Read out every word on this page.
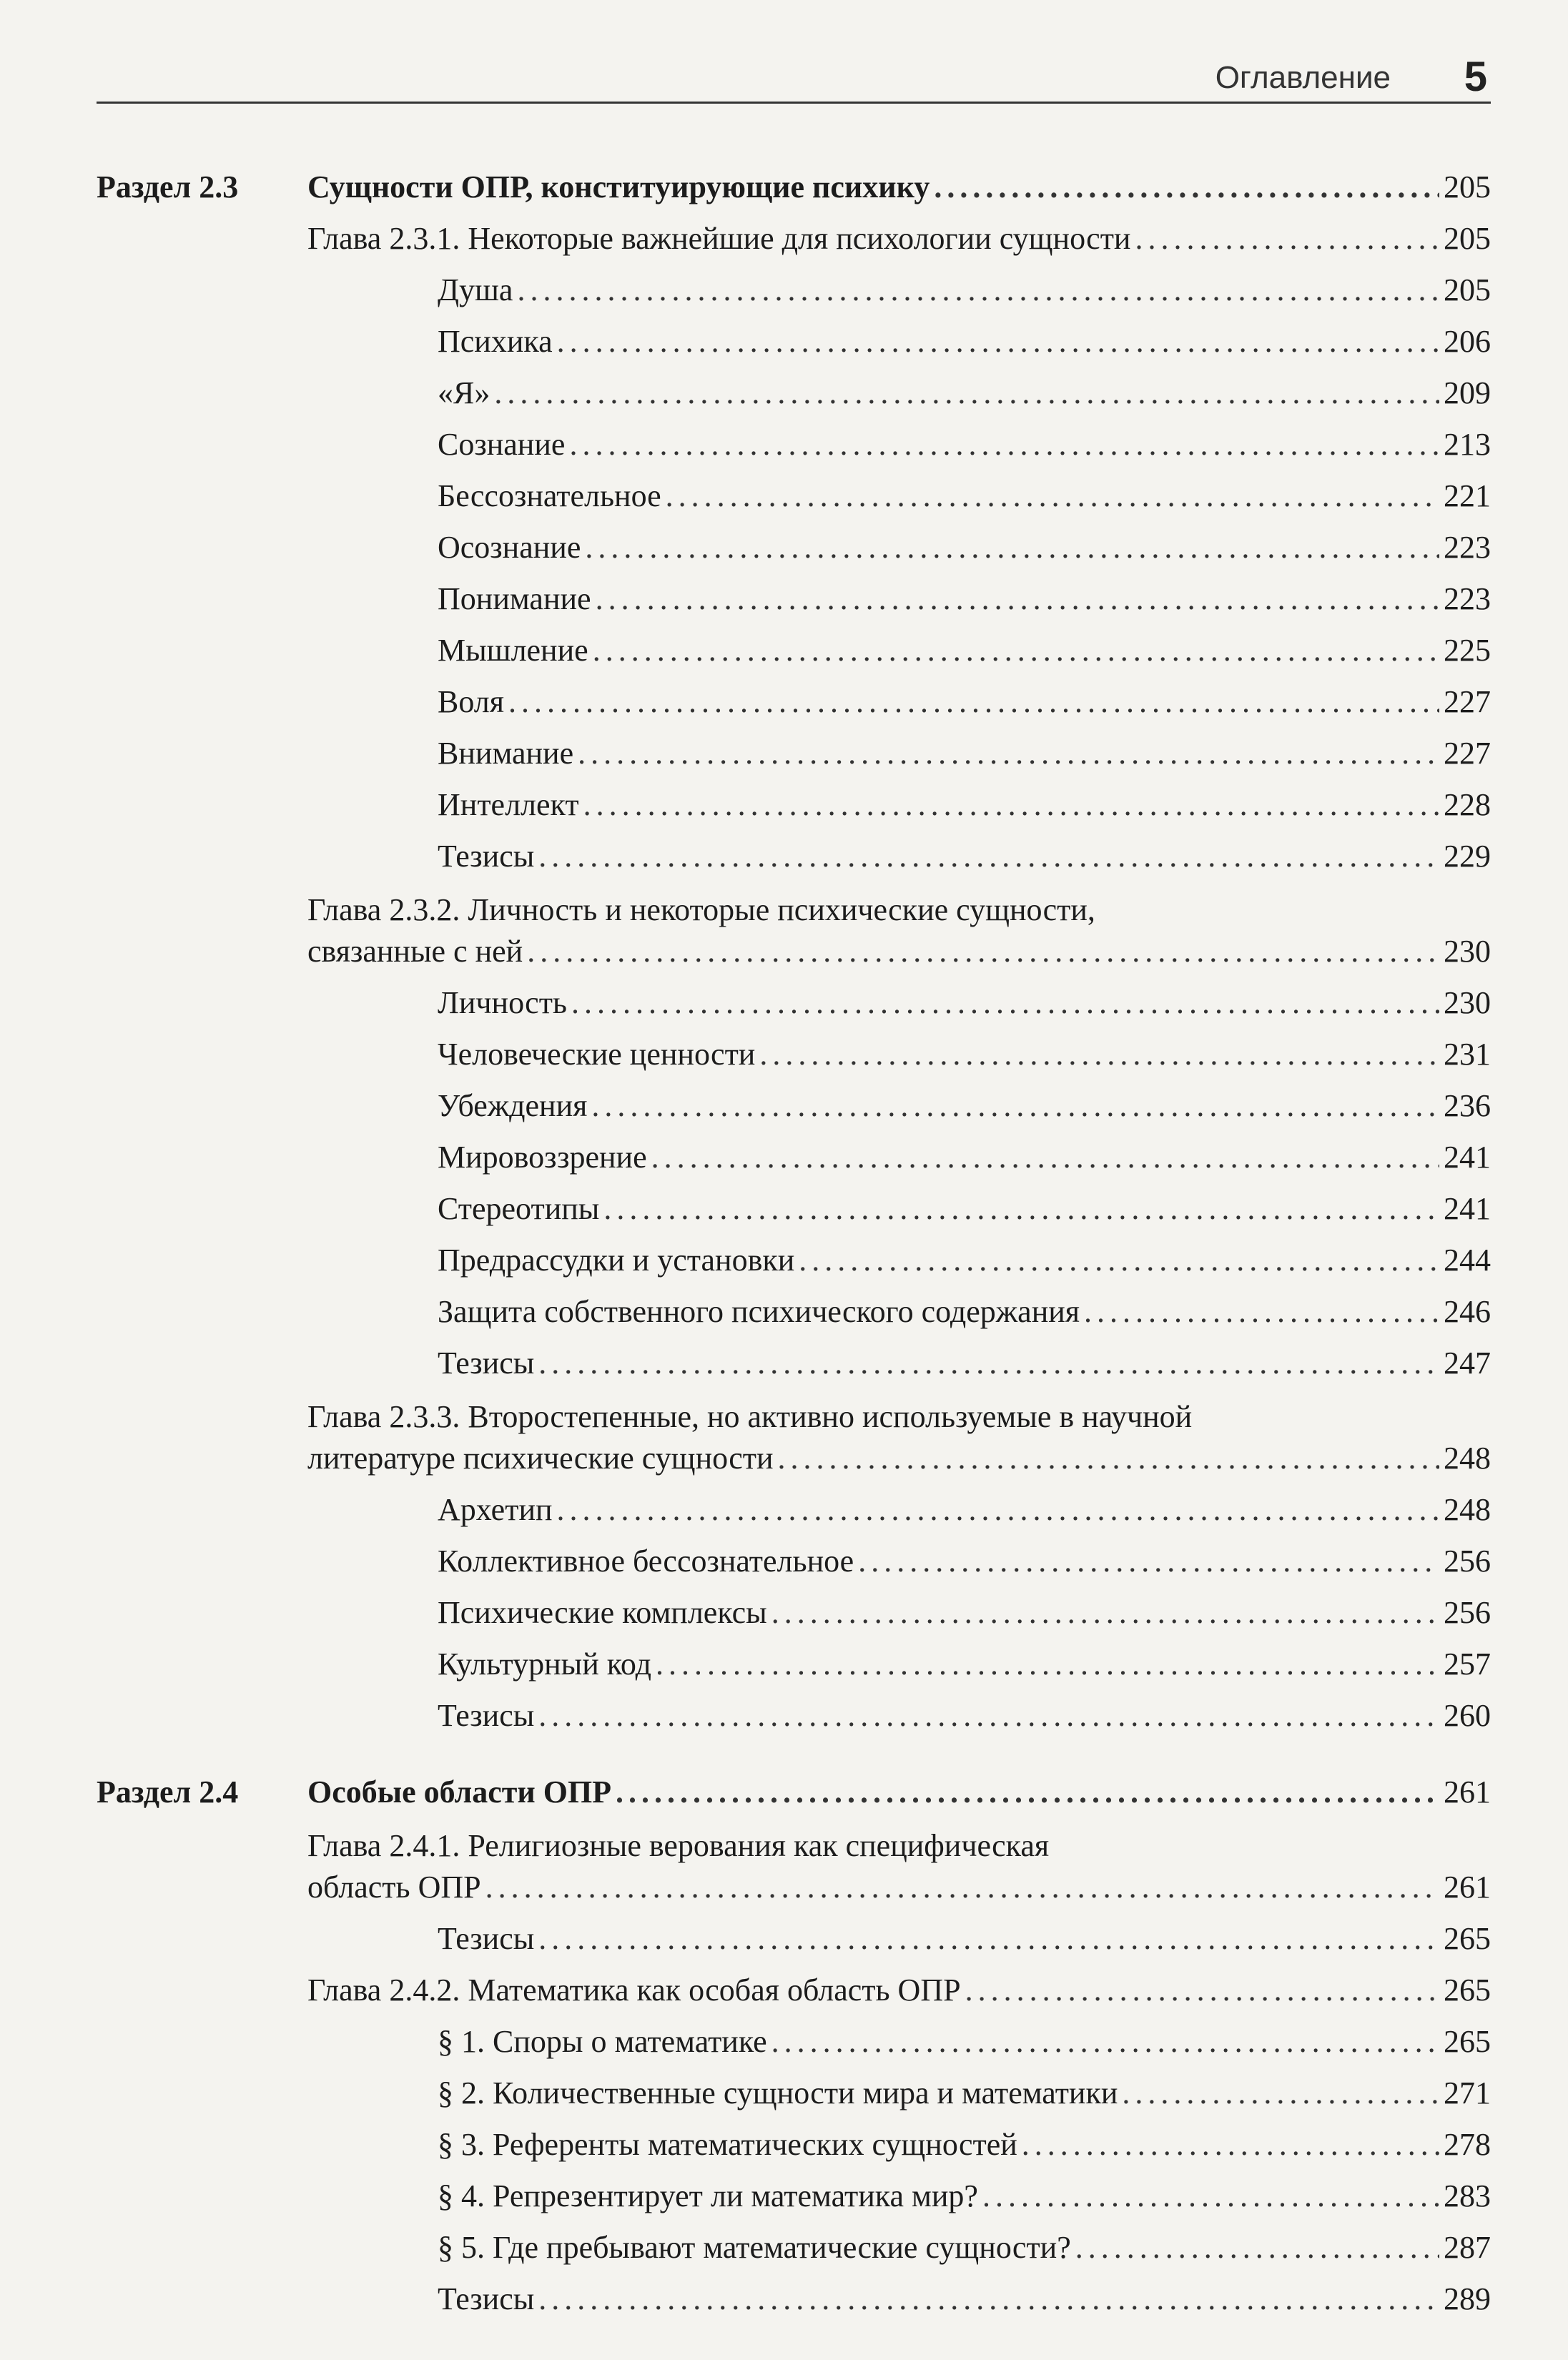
Оглавление 5
Раздел 2.3 Сущности ОПР, конституирующие психику . . .	205
Глава 2.3.1. Некоторые важнейшие для психологии сущности . . .	205
Душа . . .	205
Психика . . .	206
«Я» . . .	209
Сознание . . .	213
Бессознательное . . .	221
Осознание . . .	223
Понимание . . .	223
Мышление . . .	225
Воля . . .	227
Внимание . . .	227
Интеллект . . .	228
Тезисы . . .	229
Глава 2.3.2. Личность и некоторые психические сущности,
связанные с ней . . .	230
Личность . . .	230
Человеческие ценности . . .	231
Убеждения . . .	236
Мировоззрение . . .	241
Стереотипы . . .	241
Предрассудки и установки . . .	244
Защита собственного психического содержания . . .	246
Тезисы . . .	247
Глава 2.3.3. Второстепенные, но активно используемые в научной
литературе психические сущности . . .	248
Архетип . . .	248
Коллективное бессознательное . . .	256
Психические комплексы . . .	256
Культурный код . . .	257
Тезисы . . .	260
Раздел 2.4 Особые области ОПР . . .	261
Глава 2.4.1. Религиозные верования как специфическая
область ОПР . . .	261
Тезисы . . .	265
Глава 2.4.2. Математика как особая область ОПР . . .	265
§ 1. Споры о математике . . .	265
§ 2. Количественные сущности мира и математики . . .	271
§ 3. Референты математических сущностей . . .	278
§ 4. Репрезентирует ли математика мир? . . .	283
§ 5. Где пребывают математические сущности? . . .	287
Тезисы . . .	289
